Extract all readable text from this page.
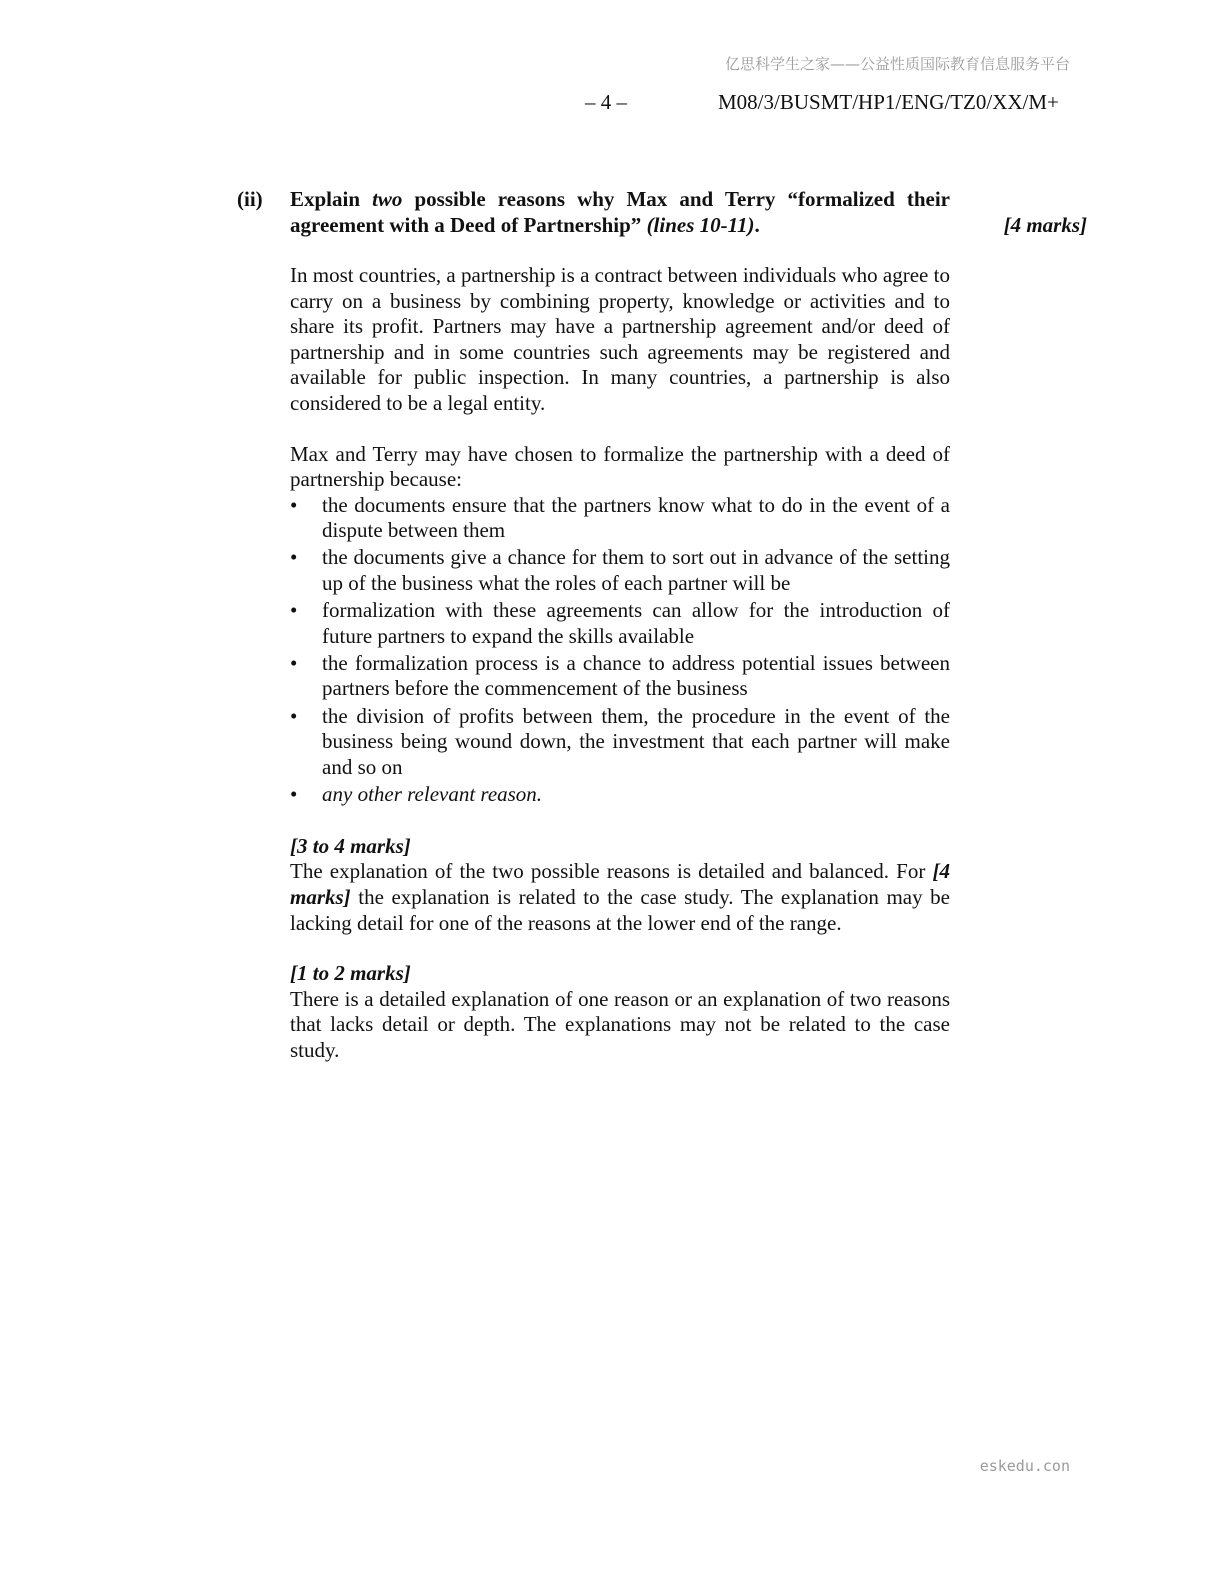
亿思科学生之家——公益性质国际教育信息服务平台
– 4 –	M08/3/BUSMT/HP1/ENG/TZ0/XX/M+
(ii) Explain two possible reasons why Max and Terry “formalized their
agreement with a Deed of Partnership” (lines 10-11).	[4 marks]

In most countries, a partnership is a contract between individuals who agree to carry on a business by combining property, knowledge or activities and to share its profit. Partners may have a partnership agreement and/or deed of partnership and in some countries such agreements may be registered and available for public inspection. In many countries, a partnership is also considered to be a legal entity.

Max and Terry may have chosen to formalize the partnership with a deed of partnership because:

• the documents ensure that the partners know what to do in the event of a dispute between them
• the documents give a chance for them to sort out in advance of the setting up of the business what the roles of each partner will be
• formalization with these agreements can allow for the introduction of future partners to expand the skills available
• the formalization process is a chance to address potential issues between partners before the commencement of the business
• the division of profits between them, the procedure in the event of the business being wound down, the investment that each partner will make and so on
• any other relevant reason.
[3 to 4 marks]

The explanation of the two possible reasons is detailed and balanced. For [4 marks] the explanation is related to the case study. The explanation may be lacking detail for one of the reasons at the lower end of the range.

[1 to 2 marks]

There is a detailed explanation of one reason or an explanation of two reasons that lacks detail or depth. The explanations may not be related to the case study.

eskedu.con
